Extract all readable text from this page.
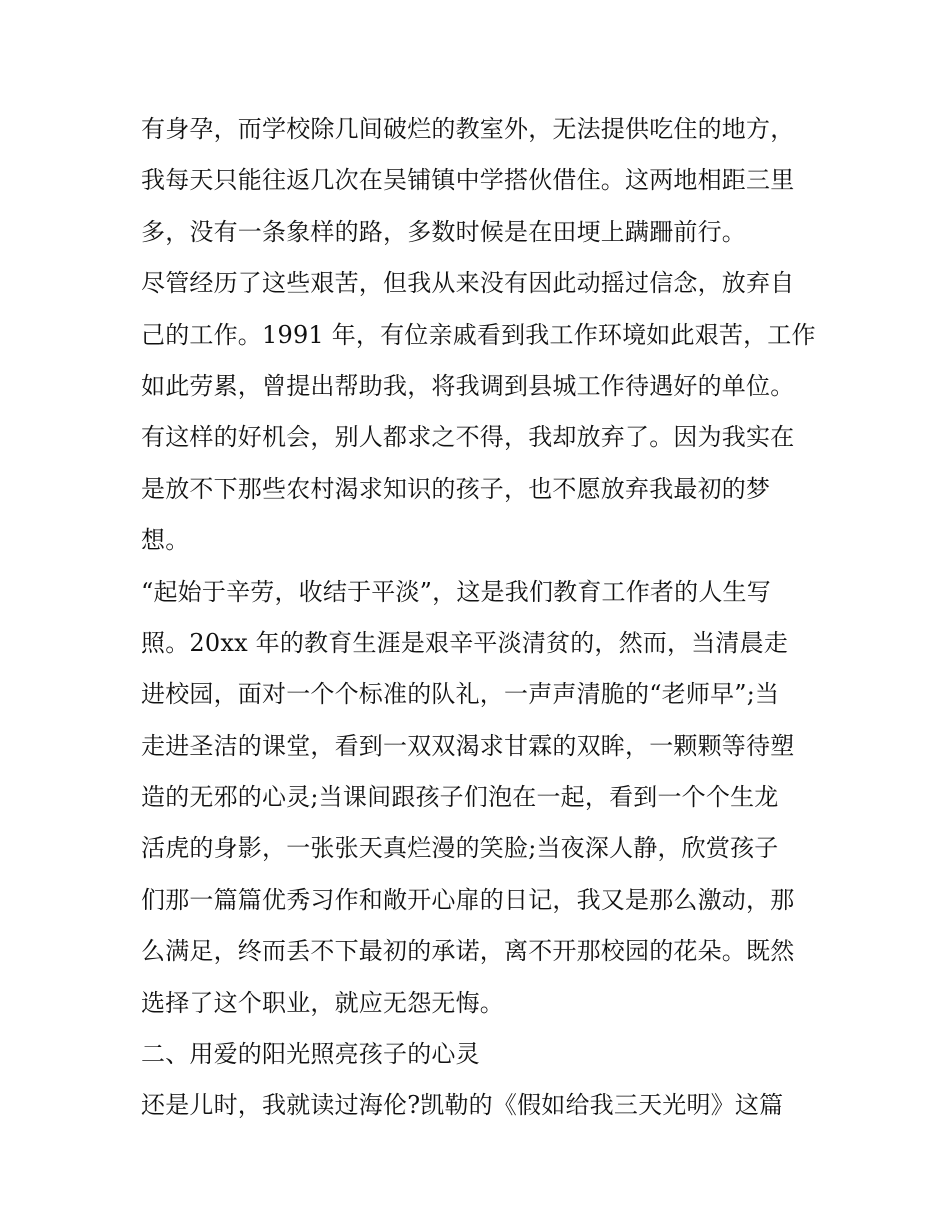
有身孕，而学校除几间破烂的教室外，无法提供吃住的地方，
我每天只能往返几次在吴铺镇中学搭伙借住。这两地相距三里
多，没有一条象样的路，多数时候是在田埂上蹒跚前行。
尽管经历了这些艰苦，但我从来没有因此动摇过信念，放弃自
己的工作。1991 年，有位亲戚看到我工作环境如此艰苦，工作
如此劳累，曾提出帮助我，将我调到县城工作待遇好的单位。
有这样的好机会，别人都求之不得，我却放弃了。因为我实在
是放不下那些农村渴求知识的孩子，也不愿放弃我最初的梦
想。
“起始于辛劳，收结于平淡”，这是我们教育工作者的人生写
照。20xx 年的教育生涯是艰辛平淡清贫的，然而，当清晨走
进校园，面对一个个标准的队礼，一声声清脆的“老师早”;当
走进圣洁的课堂，看到一双双渴求甘霖的双眸，一颗颗等待塑
造的无邪的心灵;当课间跟孩子们泡在一起，看到一个个生龙
活虎的身影，一张张天真烂漫的笑脸;当夜深人静，欣赏孩子
们那一篇篇优秀习作和敞开心扉的日记，我又是那么激动，那
么满足，终而丢不下最初的承诺，离不开那校园的花朵。既然
选择了这个职业，就应无怨无悔。
二、用爱的阳光照亮孩子的心灵
还是儿时，我就读过海伦?凯勒的《假如给我三天光明》这篇
